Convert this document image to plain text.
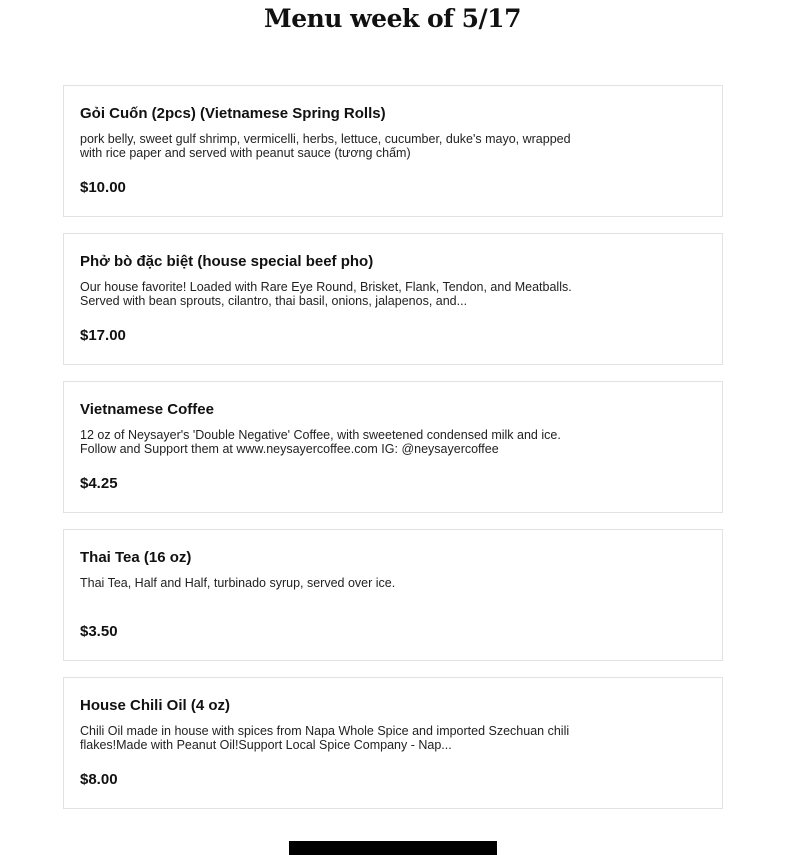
Menu week of 5/17
Gỏi Cuốn (2pcs) (Vietnamese Spring Rolls)
pork belly, sweet gulf shrimp, vermicelli, herbs, lettuce, cucumber, duke's mayo, wrapped with rice paper and served with peanut sauce (tương chấm)
$10.00
Phở bò đặc biệt (house special beef pho)
Our house favorite! Loaded with Rare Eye Round, Brisket, Flank, Tendon, and Meatballs. Served with bean sprouts, cilantro, thai basil, onions, jalapenos, and...
$17.00
Vietnamese Coffee
12 oz of Neysayer's 'Double Negative' Coffee, with sweetened condensed milk and ice. Follow and Support them at www.neysayercoffee.com IG: @neysayercoffee
$4.25
Thai Tea (16 oz)
Thai Tea, Half and Half, turbinado syrup, served over ice.
$3.50
House Chili Oil (4 oz)
Chili Oil made in house with spices from Napa Whole Spice and imported Szechuan chili flakes!Made with Peanut Oil!Support Local Spice Company - Nap...
$8.00
